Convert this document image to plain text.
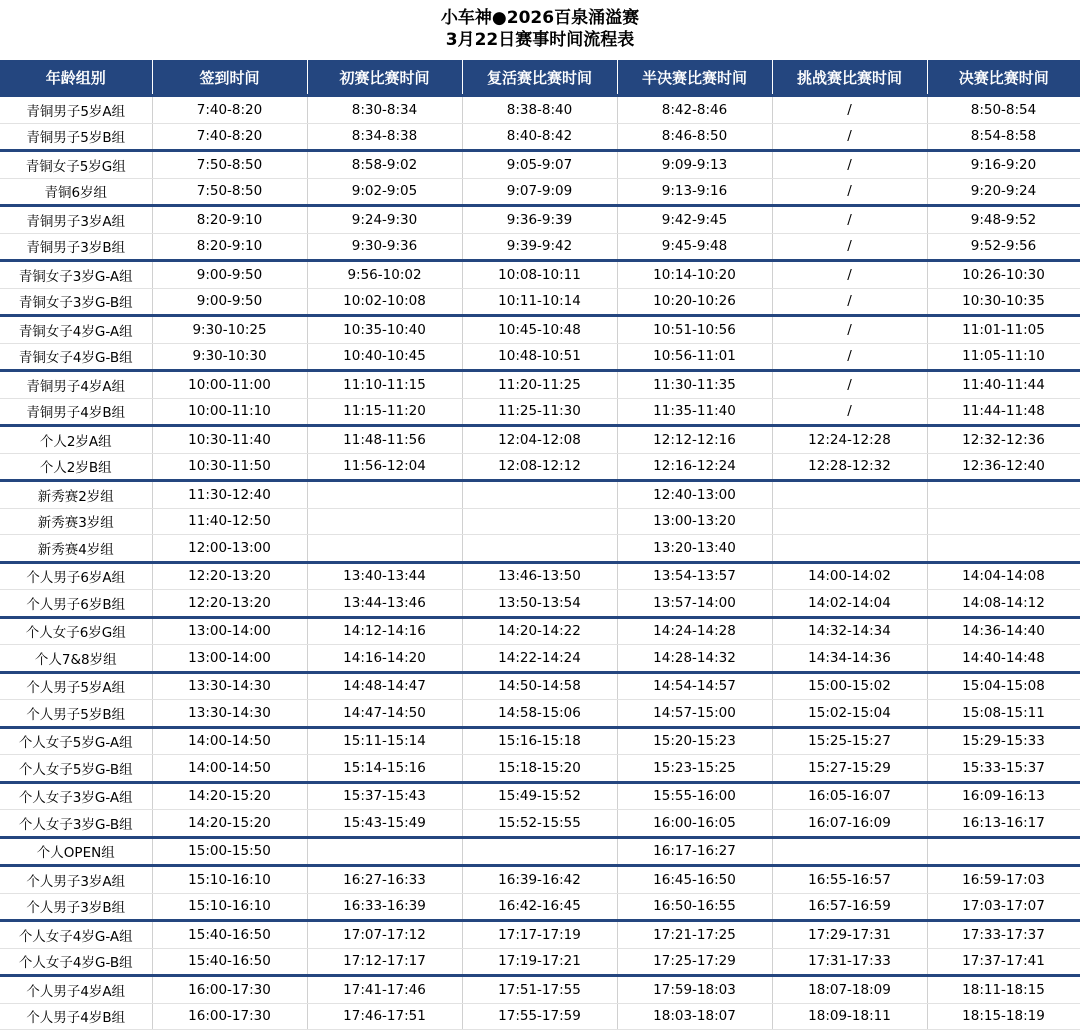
小车神●2026百泉涌溢赛
3月22日赛事时间流程表
年龄组别	签到时间	初赛比赛时间	复活赛比赛时间	半决赛比赛时间	挑战赛比赛时间	决赛比赛时间
青铜男子5岁A组	7:40-8:20	8:30-8:34	8:38-8:40	8:42-8:46	/	8:50-8:54
青铜男子5岁B组	7:40-8:20	8:34-8:38	8:40-8:42	8:46-8:50	/	8:54-8:58
青铜女子5岁G组	7:50-8:50	8:58-9:02	9:05-9:07	9:09-9:13	/	9:16-9:20
青铜6岁组	7:50-8:50	9:02-9:05	9:07-9:09	9:13-9:16	/	9:20-9:24
青铜男子3岁A组	8:20-9:10	9:24-9:30	9:36-9:39	9:42-9:45	/	9:48-9:52
青铜男子3岁B组	8:20-9:10	9:30-9:36	9:39-9:42	9:45-9:48	/	9:52-9:56
青铜女子3岁G-A组	9:00-9:50	9:56-10:02	10:08-10:11	10:14-10:20	/	10:26-10:30
青铜女子3岁G-B组	9:00-9:50	10:02-10:08	10:11-10:14	10:20-10:26	/	10:30-10:35
青铜女子4岁G-A组	9:30-10:25	10:35-10:40	10:45-10:48	10:51-10:56	/	11:01-11:05
青铜女子4岁G-B组	9:30-10:30	10:40-10:45	10:48-10:51	10:56-11:01	/	11:05-11:10
青铜男子4岁A组	10:00-11:00	11:10-11:15	11:20-11:25	11:30-11:35	/	11:40-11:44
青铜男子4岁B组	10:00-11:10	11:15-11:20	11:25-11:30	11:35-11:40	/	11:44-11:48
个人2岁A组	10:30-11:40	11:48-11:56	12:04-12:08	12:12-12:16	12:24-12:28	12:32-12:36
个人2岁B组	10:30-11:50	11:56-12:04	12:08-12:12	12:16-12:24	12:28-12:32	12:36-12:40
新秀赛2岁组	11:30-12:40			12:40-13:00		
新秀赛3岁组	11:40-12:50			13:00-13:20		
新秀赛4岁组	12:00-13:00			13:20-13:40		
个人男子6岁A组	12:20-13:20	13:40-13:44	13:46-13:50	13:54-13:57	14:00-14:02	14:04-14:08
个人男子6岁B组	12:20-13:20	13:44-13:46	13:50-13:54	13:57-14:00	14:02-14:04	14:08-14:12
个人女子6岁G组	13:00-14:00	14:12-14:16	14:20-14:22	14:24-14:28	14:32-14:34	14:36-14:40
个人7&8岁组	13:00-14:00	14:16-14:20	14:22-14:24	14:28-14:32	14:34-14:36	14:40-14:48
个人男子5岁A组	13:30-14:30	14:48-14:47	14:50-14:58	14:54-14:57	15:00-15:02	15:04-15:08
个人男子5岁B组	13:30-14:30	14:47-14:50	14:58-15:06	14:57-15:00	15:02-15:04	15:08-15:11
个人女子5岁G-A组	14:00-14:50	15:11-15:14	15:16-15:18	15:20-15:23	15:25-15:27	15:29-15:33
个人女子5岁G-B组	14:00-14:50	15:14-15:16	15:18-15:20	15:23-15:25	15:27-15:29	15:33-15:37
个人女子3岁G-A组	14:20-15:20	15:37-15:43	15:49-15:52	15:55-16:00	16:05-16:07	16:09-16:13
个人女子3岁G-B组	14:20-15:20	15:43-15:49	15:52-15:55	16:00-16:05	16:07-16:09	16:13-16:17
个人OPEN组	15:00-15:50			16:17-16:27		
个人男子3岁A组	15:10-16:10	16:27-16:33	16:39-16:42	16:45-16:50	16:55-16:57	16:59-17:03
个人男子3岁B组	15:10-16:10	16:33-16:39	16:42-16:45	16:50-16:55	16:57-16:59	17:03-17:07
个人女子4岁G-A组	15:40-16:50	17:07-17:12	17:17-17:19	17:21-17:25	17:29-17:31	17:33-17:37
个人女子4岁G-B组	15:40-16:50	17:12-17:17	17:19-17:21	17:25-17:29	17:31-17:33	17:37-17:41
个人男子4岁A组	16:00-17:30	17:41-17:46	17:51-17:55	17:59-18:03	18:07-18:09	18:11-18:15
个人男子4岁B组	16:00-17:30	17:46-17:51	17:55-17:59	18:03-18:07	18:09-18:11	18:15-18:19
